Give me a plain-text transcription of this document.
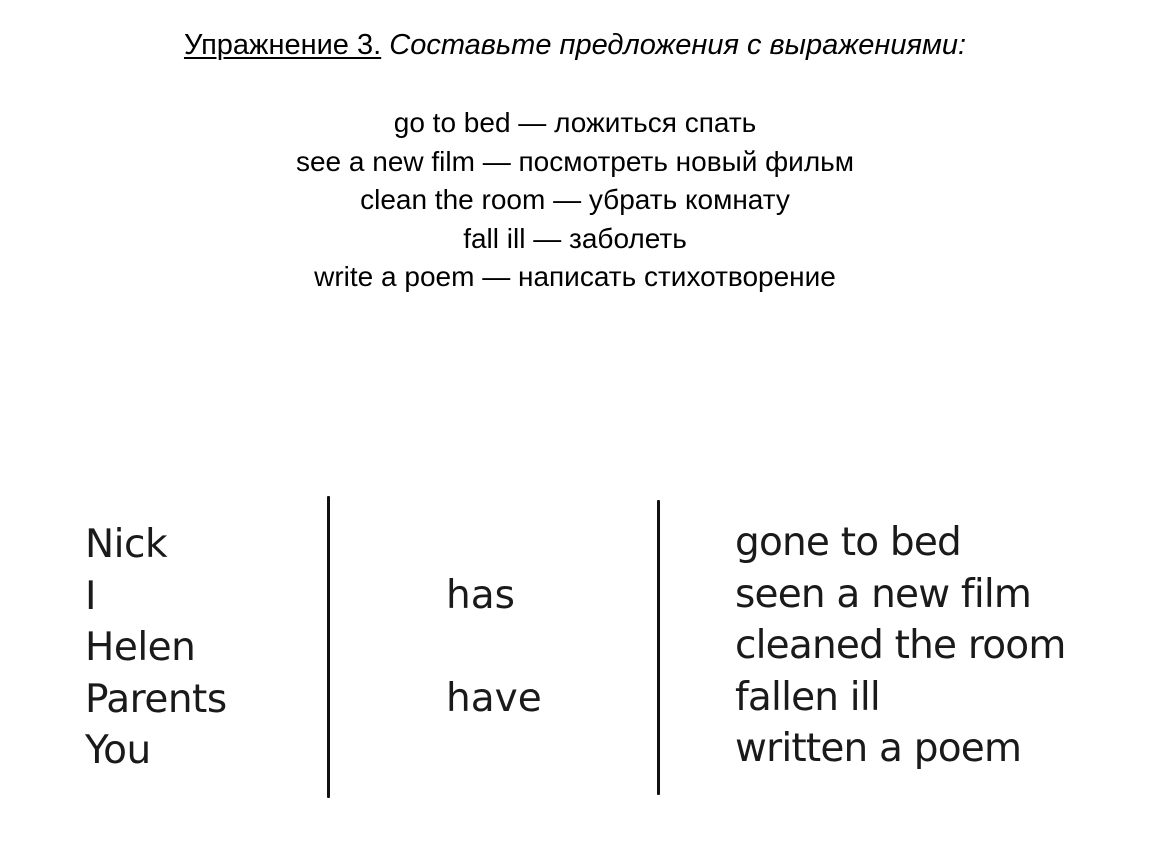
Упражнение 3. Составьте предложения с выражениями:
go to bed — ложиться спать
see a new film — посмотреть новый фильм
clean the room — убрать комнату
fall ill — заболеть
write a poem — написать стихотворение
Nick
I
Helen
Parents
You
has
have
gone to bed
seen a new film
cleaned the room
fallen ill
written a poem
